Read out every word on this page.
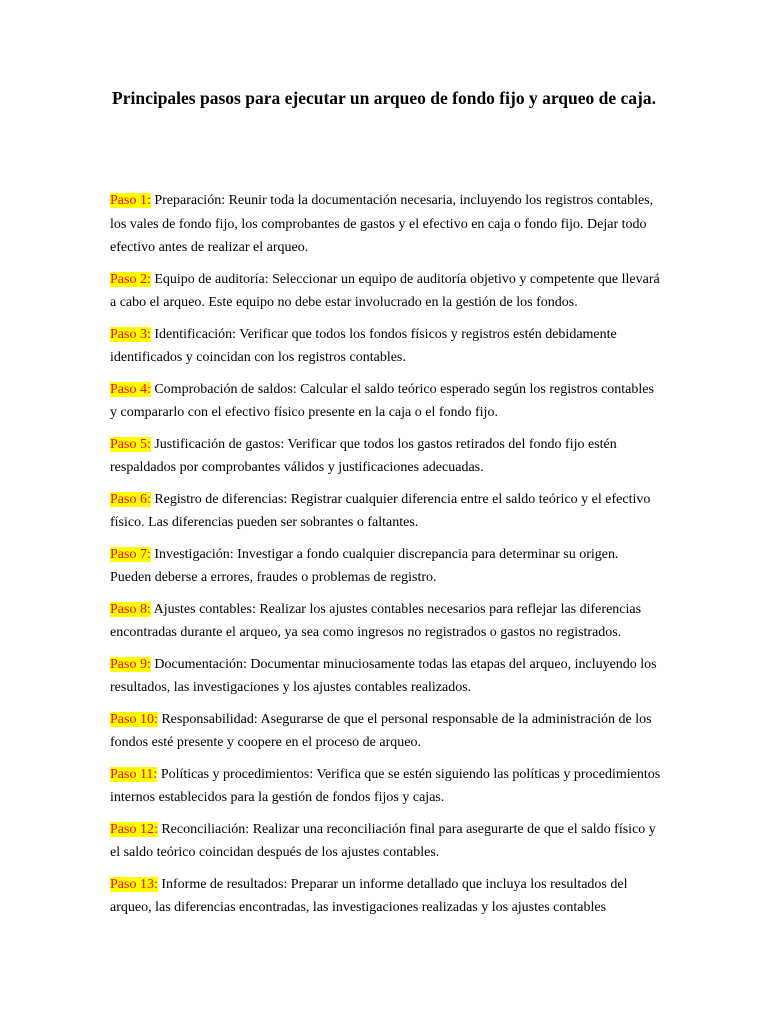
Principales pasos para ejecutar un arqueo de fondo fijo y arqueo de caja.

Paso 1: Preparación: Reunir toda la documentación necesaria, incluyendo los registros contables, los vales de fondo fijo, los comprobantes de gastos y el efectivo en caja o fondo fijo. Dejar todo efectivo antes de realizar el arqueo.

Paso 2: Equipo de auditoría: Seleccionar un equipo de auditoría objetivo y competente que llevará a cabo el arqueo. Este equipo no debe estar involucrado en la gestión de los fondos.

Paso 3: Identificación: Verificar que todos los fondos físicos y registros estén debidamente identificados y coincidan con los registros contables.

Paso 4: Comprobación de saldos: Calcular el saldo teórico esperado según los registros contables y compararlo con el efectivo físico presente en la caja o el fondo fijo.

Paso 5: Justificación de gastos: Verificar que todos los gastos retirados del fondo fijo estén respaldados por comprobantes válidos y justificaciones adecuadas.

Paso 6: Registro de diferencias: Registrar cualquier diferencia entre el saldo teórico y el efectivo físico. Las diferencias pueden ser sobrantes o faltantes.

Paso 7: Investigación: Investigar a fondo cualquier discrepancia para determinar su origen. Pueden deberse a errores, fraudes o problemas de registro.

Paso 8: Ajustes contables: Realizar los ajustes contables necesarios para reflejar las diferencias encontradas durante el arqueo, ya sea como ingresos no registrados o gastos no registrados.

Paso 9: Documentación: Documentar minuciosamente todas las etapas del arqueo, incluyendo los resultados, las investigaciones y los ajustes contables realizados.

Paso 10: Responsabilidad: Asegurarse de que el personal responsable de la administración de los fondos esté presente y coopere en el proceso de arqueo.

Paso 11: Políticas y procedimientos: Verifica que se estén siguiendo las políticas y procedimientos internos establecidos para la gestión de fondos fijos y cajas.

Paso 12: Reconciliación: Realizar una reconciliación final para asegurarte de que el saldo físico y el saldo teórico coincidan después de los ajustes contables.

Paso 13: Informe de resultados: Preparar un informe detallado que incluya los resultados del arqueo, las diferencias encontradas, las investigaciones realizadas y los ajustes contables
